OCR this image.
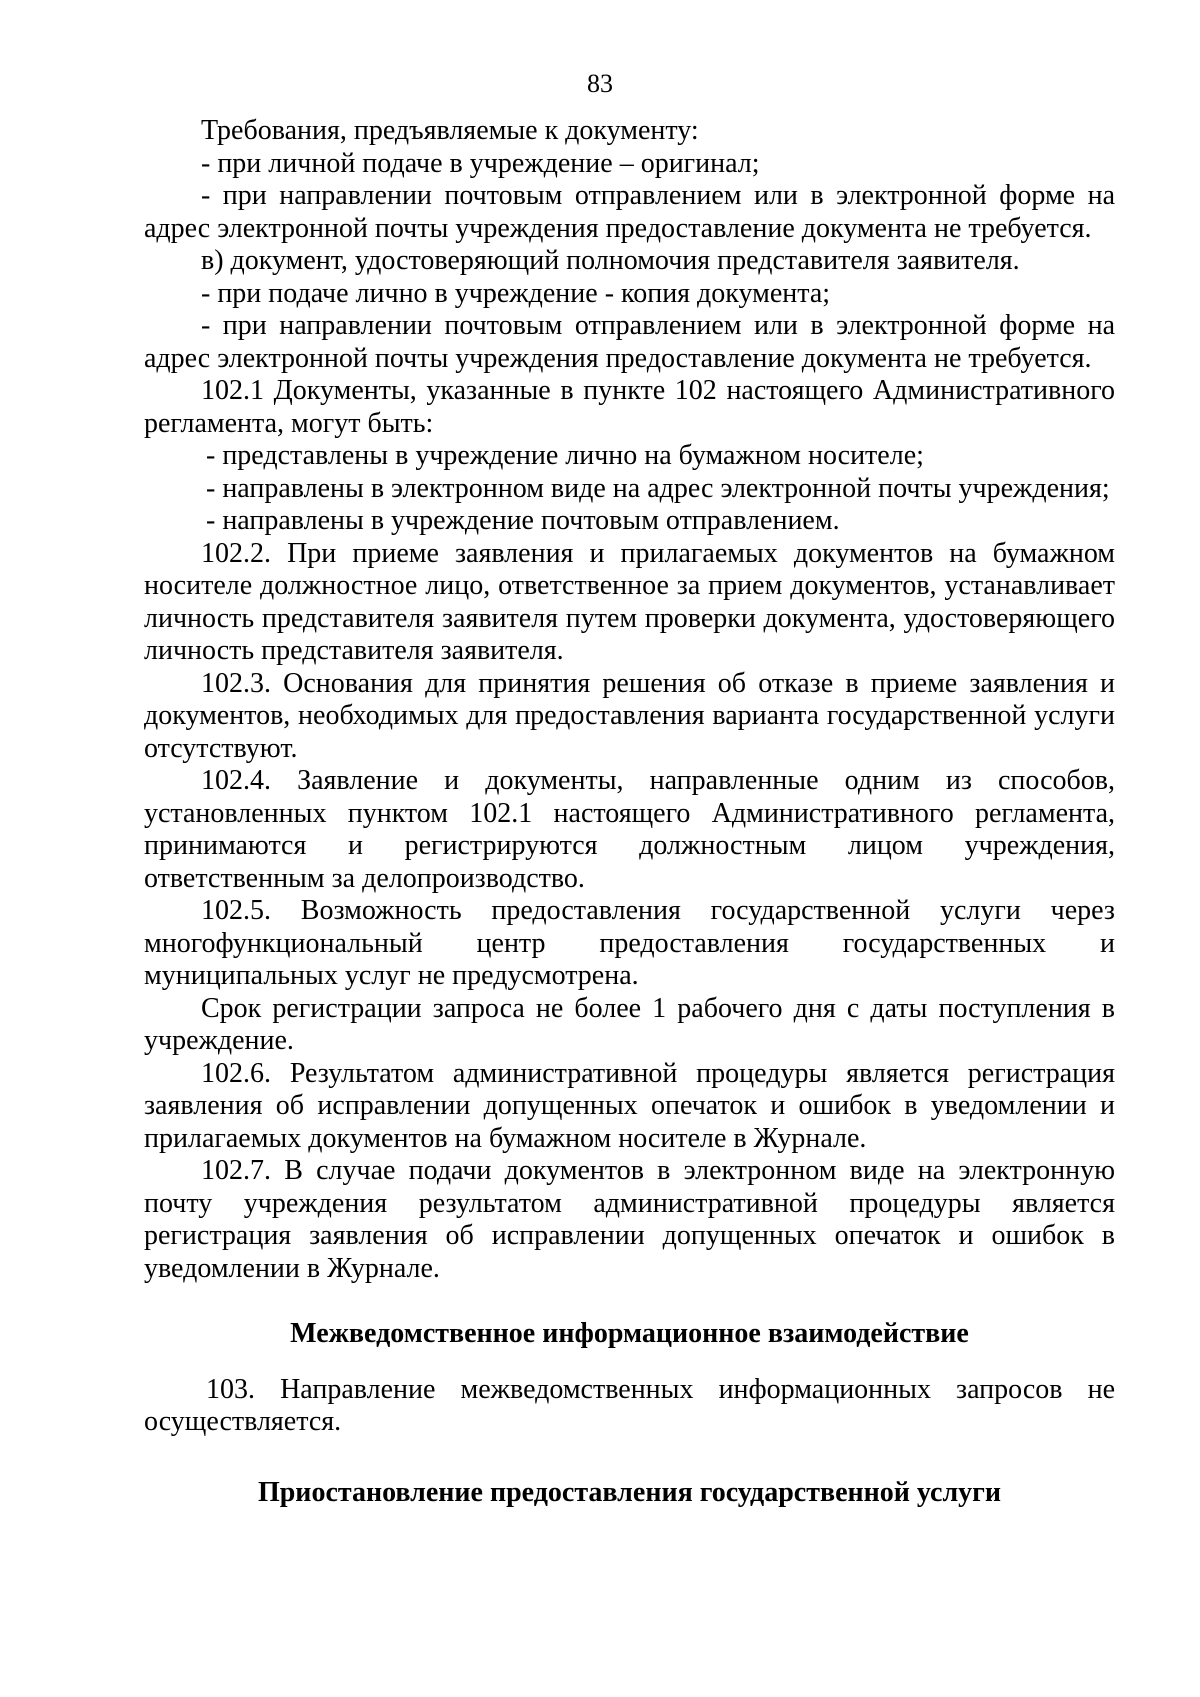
83

Требования, предъявляемые к документу:

- при личной подаче в учреждение – оригинал;

- при направлении почтовым отправлением или в электронной форме на адрес электронной почты учреждения предоставление документа не требуется.

в) документ, удостоверяющий полномочия представителя заявителя.

- при подаче лично в учреждение - копия документа;

- при направлении почтовым отправлением или в электронной форме на адрес электронной почты учреждения предоставление документа не требуется.

102.1 Документы, указанные в пункте 102 настоящего Административного регламента, могут быть:

- представлены в учреждение лично на бумажном носителе;

- направлены в электронном виде на адрес электронной почты учреждения;

- направлены в учреждение почтовым отправлением.

102.2. При приеме заявления и прилагаемых документов на бумажном носителе должностное лицо, ответственное за прием документов, устанавливает личность представителя заявителя путем проверки документа, удостоверяющего личность представителя заявителя.

102.3. Основания для принятия решения об отказе в приеме заявления и документов, необходимых для предоставления варианта государственной услуги отсутствуют.

102.4. Заявление и документы, направленные одним из способов, установленных пунктом 102.1 настоящего Административного регламента, принимаются и регистрируются должностным лицом учреждения, ответственным за делопроизводство.

102.5. Возможность предоставления государственной услуги через многофункциональный центр предоставления государственных и муниципальных услуг не предусмотрена.

Срок регистрации запроса не более 1 рабочего дня с даты поступления в учреждение.

102.6. Результатом административной процедуры является регистрация заявления об исправлении допущенных опечаток и ошибок в уведомлении и прилагаемых документов на бумажном носителе в Журнале.

102.7. В случае подачи документов в электронном виде на электронную почту учреждения результатом административной процедуры является регистрация заявления об исправлении допущенных опечаток и ошибок в уведомлении в Журнале.

Межведомственное информационное взаимодействие

103. Направление межведомственных информационных запросов не осуществляется.

Приостановление предоставления государственной услуги
